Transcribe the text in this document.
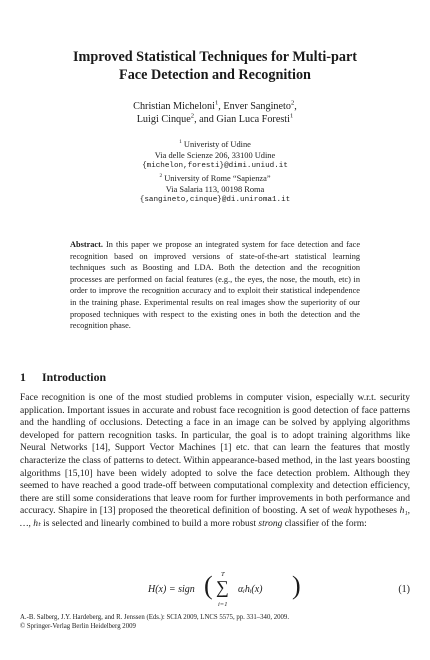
Improved Statistical Techniques for Multi-part
Face Detection and Recognition
Christian Micheloni$^1$, Enver Sangineto$^2$,
Luigi Cinque$^2$, and Gian Luca Foresti$^1$
$^1$ Univeristy of Udine
Via delle Scienze 206, 33100 Udine
{michelon,foresti}@dimi.uniud.it
$^2$ University of Rome “Sapienza”
Via Salaria 113, 00198 Roma
{sangineto,cinque}@di.uniroma1.it
Abstract. In this paper we propose an integrated system for face detection and face recognition based on improved versions of state-of-the-art statistical learning techniques such as Boosting and LDA. Both the detection and the recognition processes are performed on facial features (e.g., the eyes, the nose, the mouth, etc) in order to improve the recognition accuracy and to exploit their statistical independence in the training phase. Experimental results on real images show the superiority of our proposed techniques with respect to the existing ones in both the detection and the recognition phase.
1 Introduction

Face recognition is one of the most studied problems in computer vision, especially w.r.t. security application. Important issues in accurate and robust face recognition is good detection of face patterns and the handling of occlusions. Detecting a face in an image can be solved by applying algorithms developed for pattern recognition tasks. In particular, the goal is to adopt training algorithms like Neural Networks [14], Support Vector Machines [1] etc. that can learn the features that mostly characterize the class of patterns to detect. Within appearance-based method, in the last years boosting algorithms [15,10] have been widely adopted to solve the face detection problem. Although they seemed to have reached a good trade-off between computational complexity and detection efficiency, there are still some considerations that leave room for further improvements in both performance and accuracy. Shapire in [13] proposed the theoretical definition of boosting. A set of weak hypotheses h₁, …, hₜ is selected and linearly combined to build a more robust strong classifier of the form:

H(x) = sign ( T
∑
i=1
αᵢhᵢ(x) )	(1)
A.-B. Salberg, J.Y. Hardeberg, and R. Jenssen (Eds.): SCIA 2009, LNCS 5575, pp. 331–340, 2009.
© Springer-Verlag Berlin Heidelberg 2009
